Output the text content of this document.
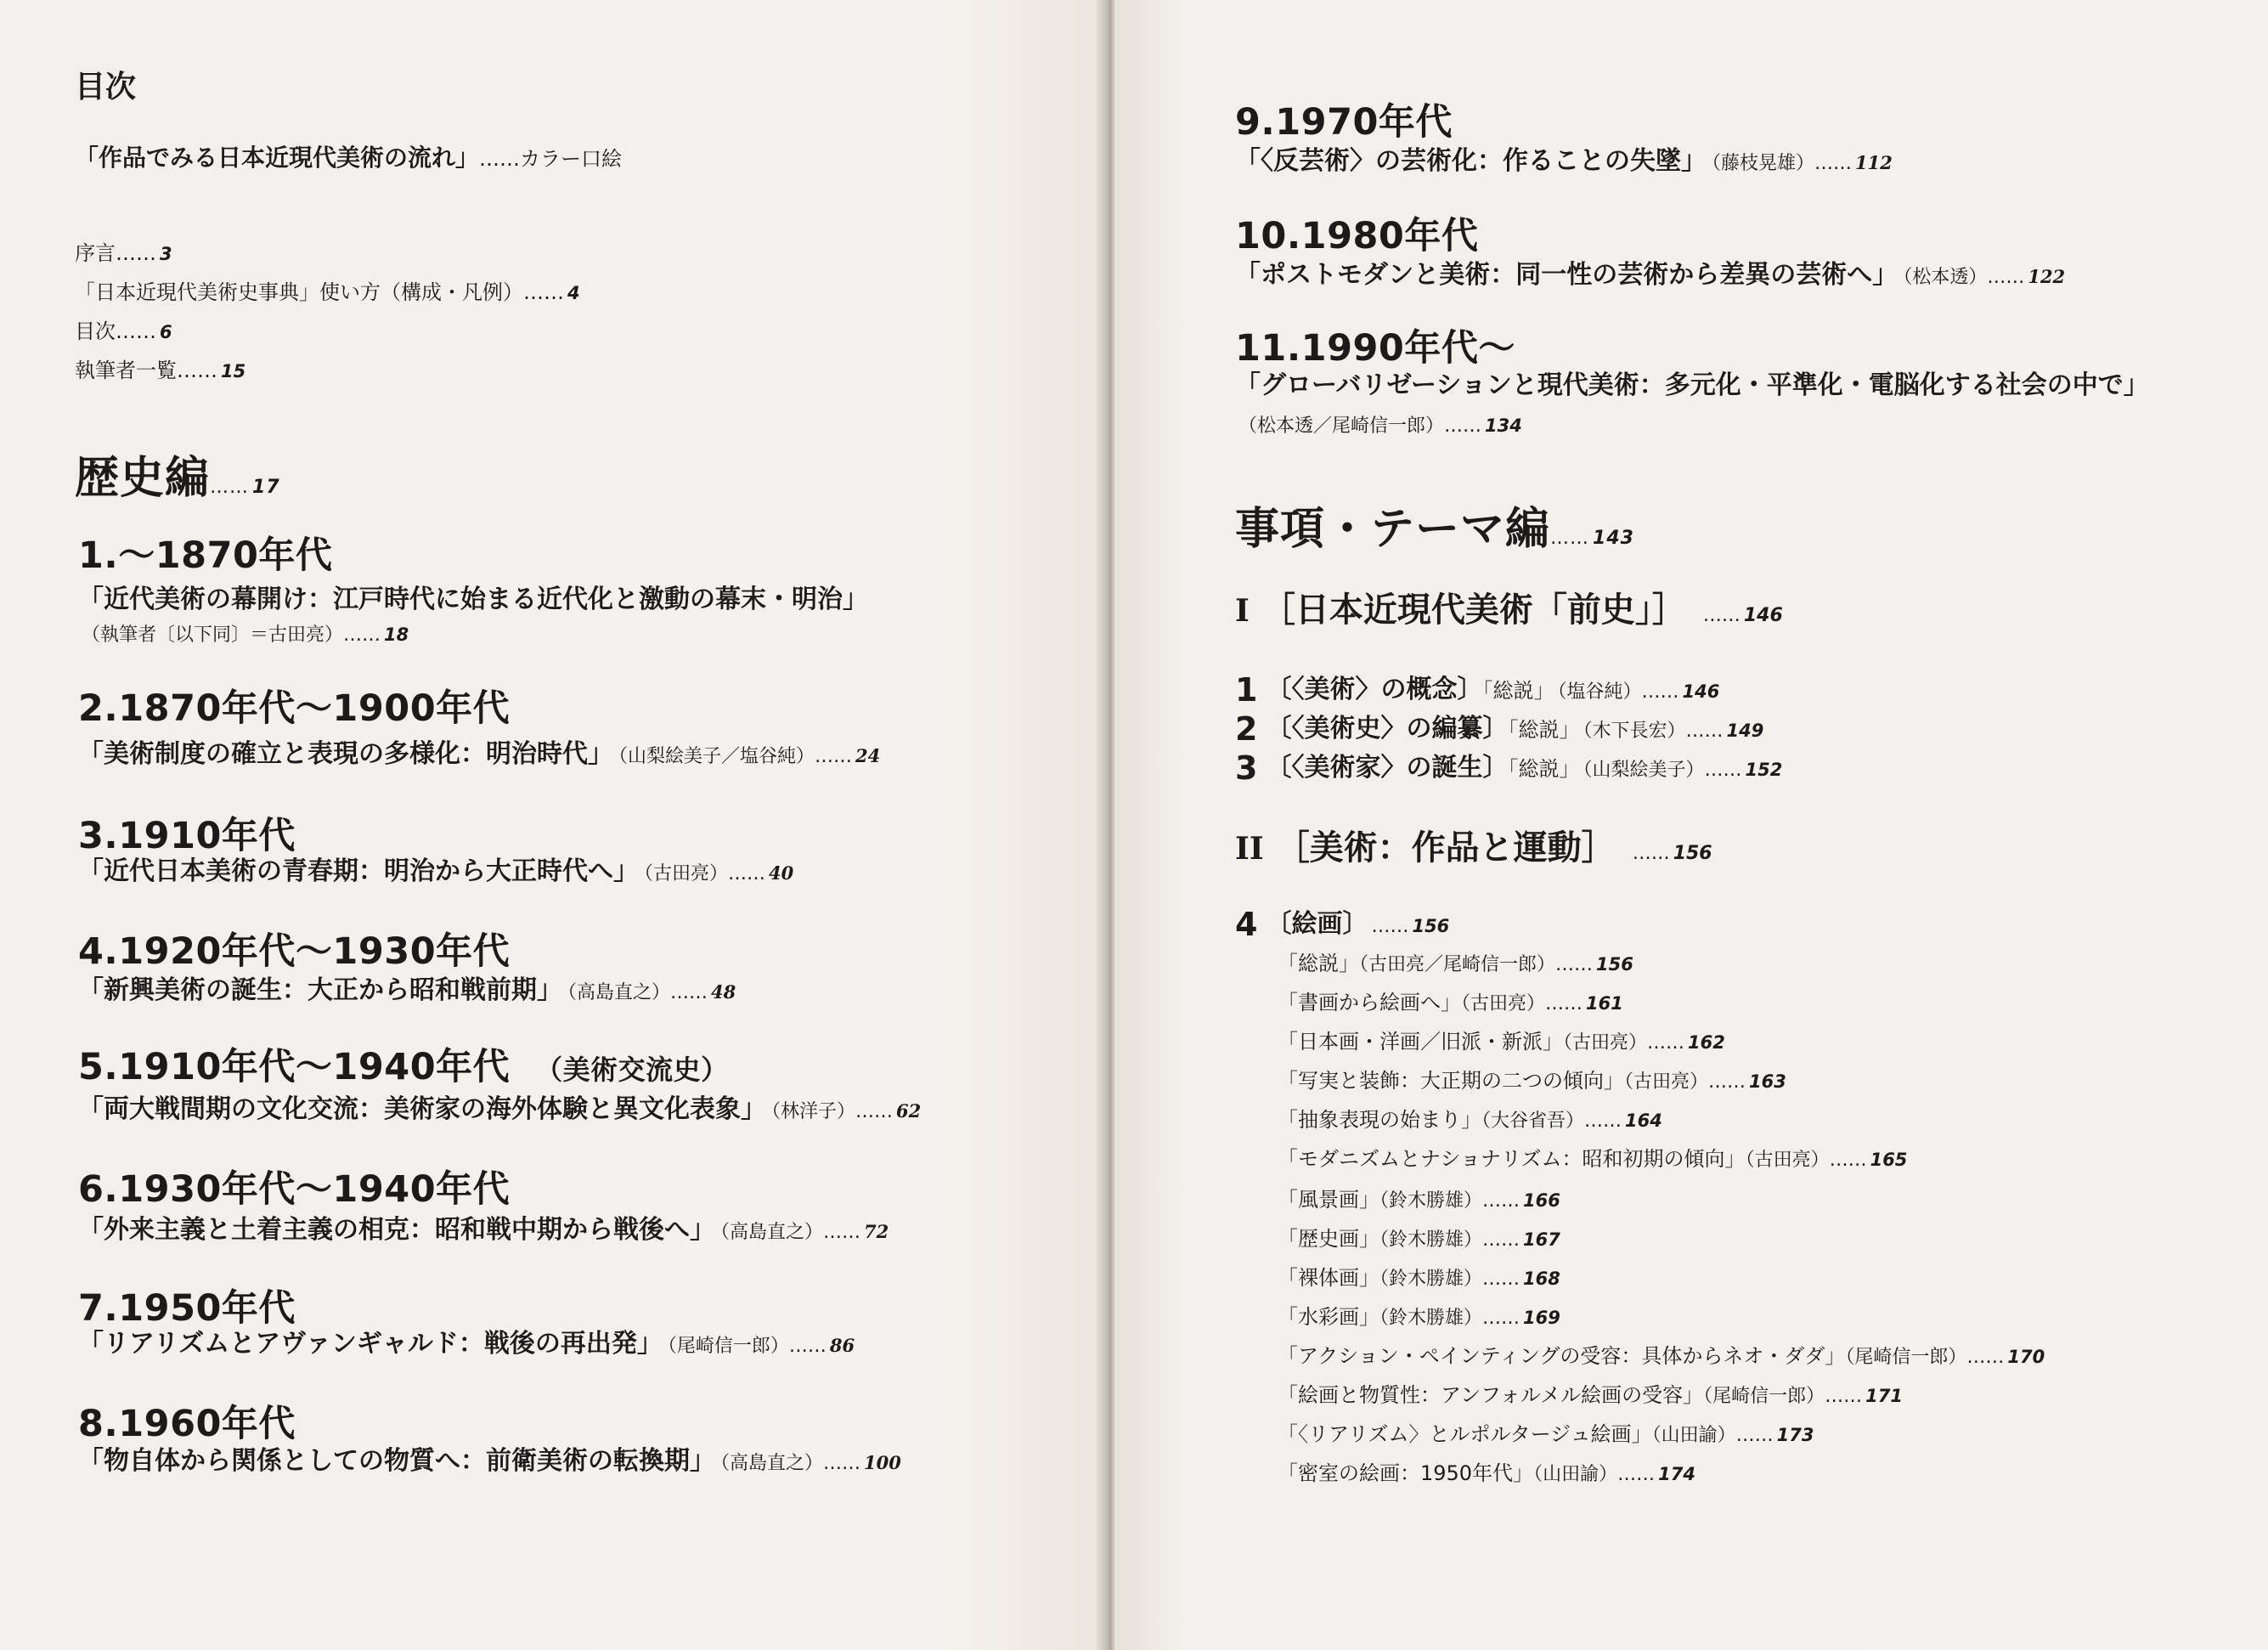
目次
「作品でみる日本近現代美術の流れ」……カラー口絵
序言…… 3
「日本近現代美術史事典」使い方（構成・凡例）…… 4
目次…… 6
執筆者一覧…… 15
歴史編…… 17
1.〜1870年代
「近代美術の幕開け：江戸時代に始まる近代化と激動の幕末・明治」
（執筆者〔以下同〕＝古田亮）…… 18
2.1870年代〜1900年代
「美術制度の確立と表現の多様化：明治時代」 （山梨絵美子／塩谷純）…… 24
3.1910年代
「近代日本美術の青春期：明治から大正時代へ」 （古田亮）…… 40
4.1920年代〜1930年代
「新興美術の誕生：大正から昭和戦前期」 （高島直之）…… 48
5.1910年代〜1940年代 （美術交流史）
「両大戦間期の文化交流：美術家の海外体験と異文化表象」 （林洋子）…… 62
6.1930年代〜1940年代
「外来主義と土着主義の相克：昭和戦中期から戦後へ」 （高島直之）…… 72
7.1950年代
「リアリズムとアヴァンギャルド：戦後の再出発」 （尾崎信一郎）…… 86
8.1960年代
「物自体から関係としての物質へ：前衛美術の転換期」 （高島直之）…… 100
9.1970年代
「〈反芸術〉の芸術化：作ることの失墜」 （藤枝晃雄）…… 112
10.1980年代
「ポストモダンと美術：同一性の芸術から差異の芸術へ」 （松本透）…… 122
11.1990年代〜
「グローバリゼーションと現代美術：多元化・平準化・電脳化する社会の中で」
（松本透／尾崎信一郎）…… 134
事項・テーマ編…… 143
I ［日本近現代美術「前史」］ …… 146
1 〔〈美術〉の概念〕「総説」 （塩谷純）…… 146
2 〔〈美術史〉の編纂〕「総説」 （木下長宏）…… 149
3 〔〈美術家〉の誕生〕「総説」 （山梨絵美子）…… 152
II ［美術：作品と運動］ …… 156
4 〔絵画〕 …… 156
「総説」（古田亮／尾崎信一郎）…… 156
「書画から絵画へ」（古田亮）…… 161
「日本画・洋画／旧派・新派」（古田亮）…… 162
「写実と装飾：大正期の二つの傾向」（古田亮）…… 163
「抽象表現の始まり」（大谷省吾）…… 164
「モダニズムとナショナリズム：昭和初期の傾向」（古田亮）…… 165
「風景画」（鈴木勝雄）…… 166
「歴史画」（鈴木勝雄）…… 167
「裸体画」（鈴木勝雄）…… 168
「水彩画」（鈴木勝雄）…… 169
「アクション・ペインティングの受容：具体からネオ・ダダ」（尾崎信一郎）…… 170
「絵画と物質性：アンフォルメル絵画の受容」（尾崎信一郎）…… 171
「〈リアリズム〉とルポルタージュ絵画」（山田諭）…… 173
「密室の絵画：1950年代」（山田諭）…… 174
